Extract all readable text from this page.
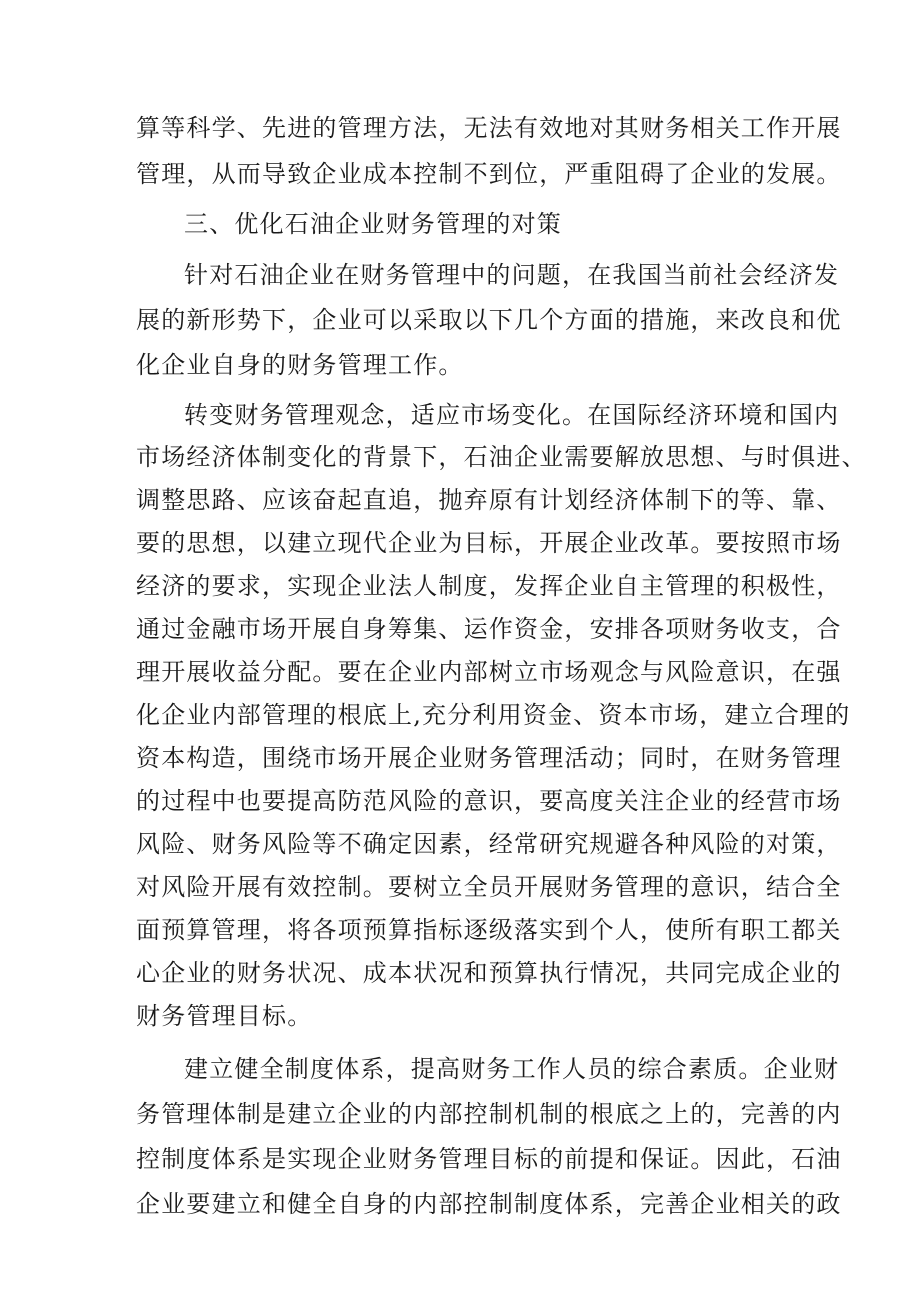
算等科学、先进的管理方法，无法有效地对其财务相关工作开展
管理，从而导致企业成本控制不到位，严重阻碍了企业的发展。
三、优化石油企业财务管理的对策
针对石油企业在财务管理中的问题，在我国当前社会经济发
展的新形势下，企业可以采取以下几个方面的措施，来改良和优
化企业自身的财务管理工作。
转变财务管理观念，适应市场变化。在国际经济环境和国内
市场经济体制变化的背景下，石油企业需要解放思想、与时俱进、
调整思路、应该奋起直追，抛弃原有计划经济体制下的等、靠、
要的思想，以建立现代企业为目标，开展企业改革。要按照市场
经济的要求，实现企业法人制度，发挥企业自主管理的积极性，
通过金融市场开展自身筹集、运作资金，安排各项财务收支，合
理开展收益分配。要在企业内部树立市场观念与风险意识，在强
化企业内部管理的根底上,充分利用资金、资本市场，建立合理的
资本构造，围绕市场开展企业财务管理活动；同时，在财务管理
的过程中也要提高防范风险的意识，要高度关注企业的经营市场
风险、财务风险等不确定因素，经常研究规避各种风险的对策，
对风险开展有效控制。要树立全员开展财务管理的意识，结合全
面预算管理，将各项预算指标逐级落实到个人，使所有职工都关
心企业的财务状况、成本状况和预算执行情况，共同完成企业的
财务管理目标。
建立健全制度体系，提高财务工作人员的综合素质。企业财
务管理体制是建立企业的内部控制机制的根底之上的，完善的内
控制度体系是实现企业财务管理目标的前提和保证。因此，石油
企业要建立和健全自身的内部控制制度体系，完善企业相关的政
